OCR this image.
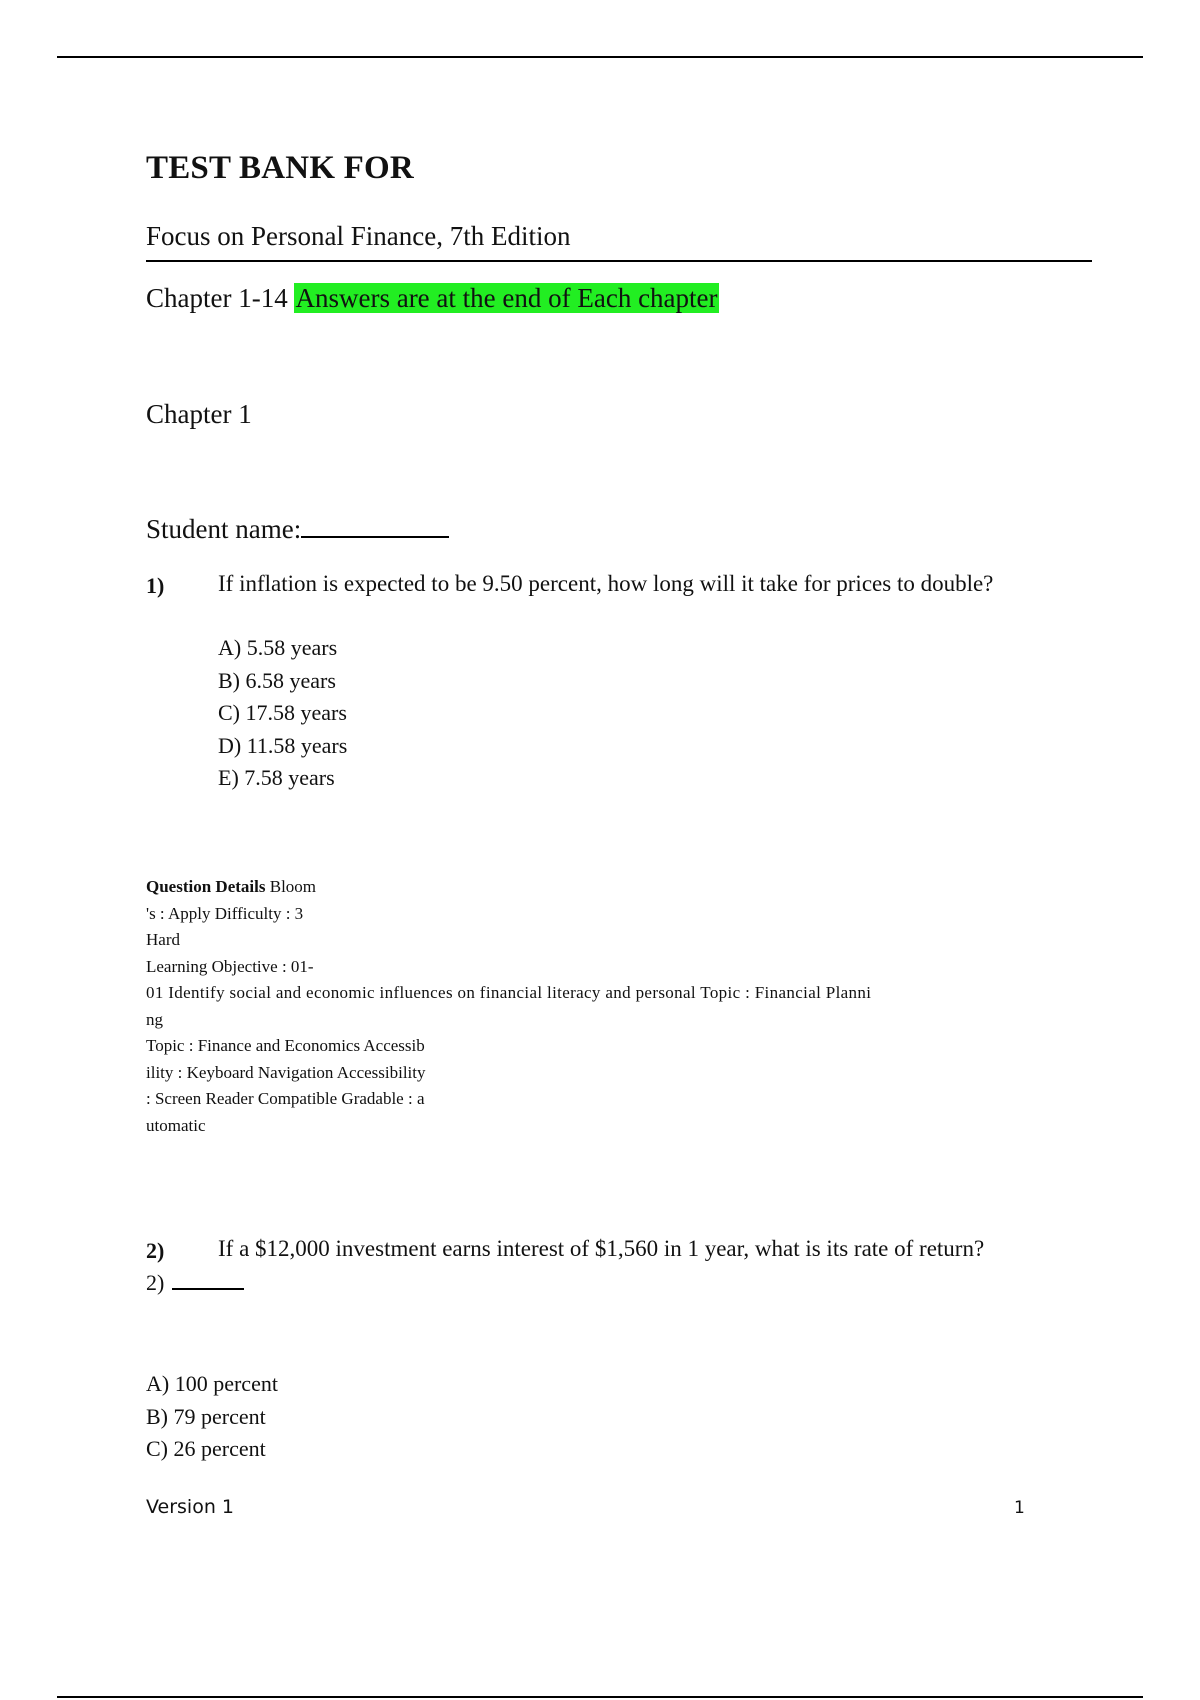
TEST BANK FOR
Focus on Personal Finance, 7th Edition
Chapter 1-14 Answers are at the end of Each chapter
Chapter 1
Student name:
1) If inflation is expected to be 9.50 percent, how long will it take for prices to double?
A) 5.58 years
B) 6.58 years
C) 17.58 years
D) 11.58 years
E) 7.58 years
Question Details Bloom
's : Apply Difficulty : 3
Hard
Learning Objective : 01-
01 Identify social and economic influences on financial literacy and personal Topic : Financial Planni
ng
Topic : Finance and Economics Accessib
ility : Keyboard Navigation Accessibility
: Screen Reader Compatible Gradable : a
utomatic
2) If a $12,000 investment earns interest of $1,560 in 1 year, what is its rate of return?
2)
A) 100 percent
B) 79 percent
C) 26 percent
Version 1	1
